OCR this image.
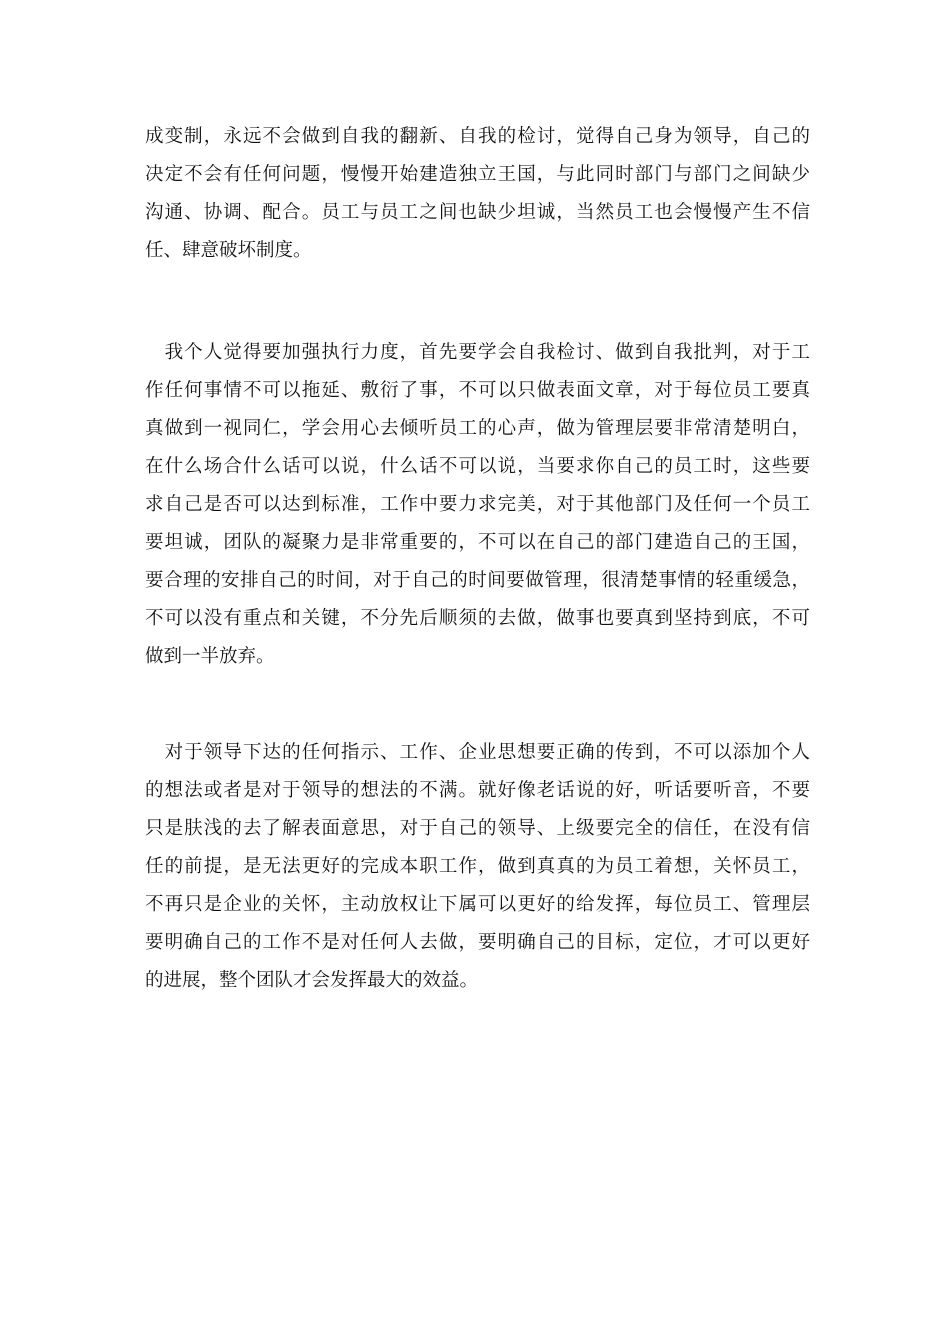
成变制，永远不会做到自我的翻新、自我的检讨，觉得自己身为领导，自己的
决定不会有任何问题，慢慢开始建造独立王国，与此同时部门与部门之间缺少
沟通、协调、配合。员工与员工之间也缺少坦诚，当然员工也会慢慢产生不信
任、肆意破坏制度。
　我个人觉得要加强执行力度，首先要学会自我检讨、做到自我批判，对于工
作任何事情不可以拖延、敷衍了事，不可以只做表面文章，对于每位员工要真
真做到一视同仁，学会用心去倾听员工的心声，做为管理层要非常清楚明白，
在什么场合什么话可以说，什么话不可以说，当要求你自己的员工时，这些要
求自己是否可以达到标准，工作中要力求完美，对于其他部门及任何一个员工
要坦诚，团队的凝聚力是非常重要的，不可以在自己的部门建造自己的王国，
要合理的安排自己的时间，对于自己的时间要做管理，很清楚事情的轻重缓急，
不可以没有重点和关键，不分先后顺须的去做，做事也要真到坚持到底，不可
做到一半放弃。
　对于领导下达的任何指示、工作、企业思想要正确的传到，不可以添加个人
的想法或者是对于领导的想法的不满。就好像老话说的好，听话要听音，不要
只是肤浅的去了解表面意思，对于自己的领导、上级要完全的信任，在没有信
任的前提，是无法更好的完成本职工作，做到真真的为员工着想，关怀员工，
不再只是企业的关怀，主动放权让下属可以更好的给发挥，每位员工、管理层
要明确自己的工作不是对任何人去做，要明确自己的目标，定位，才可以更好
的进展，整个团队才会发挥最大的效益。
